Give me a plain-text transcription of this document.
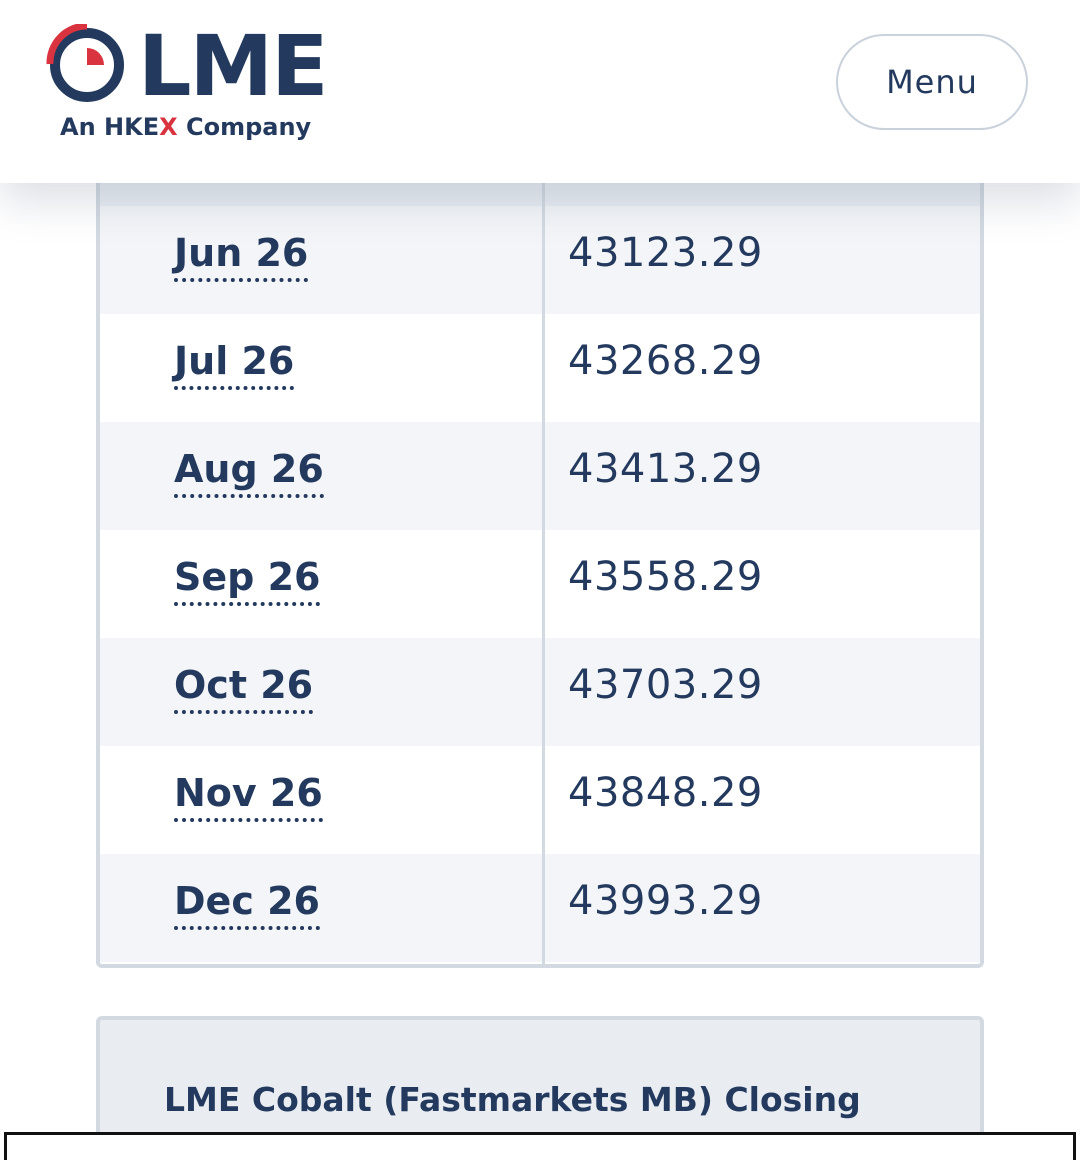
LME
An HKEX Company
Menu
Jun 26	43123.29
Jul 26	43268.29
Aug 26	43413.29
Sep 26	43558.29
Oct 26	43703.29
Nov 26	43848.29
Dec 26	43993.29
LME Cobalt (Fastmarkets MB) Closing
